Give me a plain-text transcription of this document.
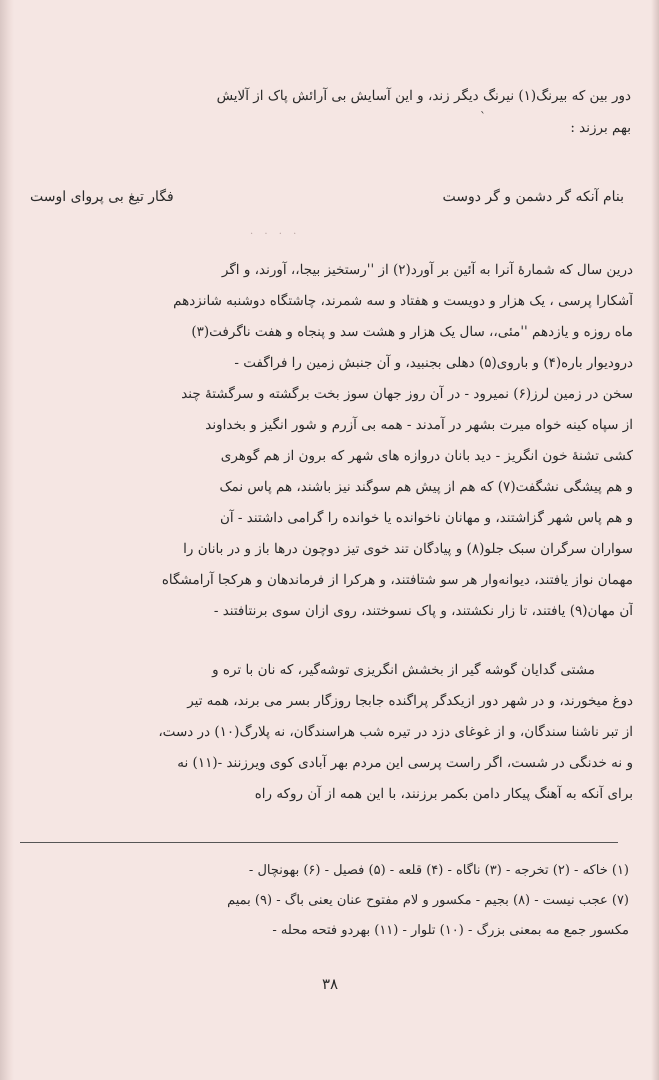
دور بین که بیرنگ(۱) نیرنگ دیگر زند، و این آسایش بی آرائش پاک از آلایش
بهم برزند :
`
بنام آنکه گر دشمن و گر دوست
فگار تیغ بی پروای اوست
. . . .
درین سال که شمارهٔ آنرا به آئین بر آورد(۲) از ''رستخیز بیجا،، آورند، و اگر
آشکارا پرسی ، یک هزار و دویست و هفتاد و سه شمرند، چاشتگاه دوشنبه شانزدهم
ماه روزه و یازدهم ''مئی،، سال یک هزار و هشت سد و پنجاه و هفت ناگرفت(۳)
درودیوار باره(۴) و باروی(۵) دهلی بجنبید، و آن جنبش زمین را فراگفت -
سخن در زمین لرز(۶) نمیرود - در آن روز جهان سوز بخت برگشته و سرگشتهٔ چند
از سپاه کینه خواه میرت بشهر در آمدند - همه بی آزرم و شور انگیز و بخداوند
کشی تشنهٔ خون انگریز - دید بانان دروازه های شهر که برون از هم گوهری
و هم پیشگی نشگفت(۷) که هم از پیش هم سوگند نیز باشند، هم پاس نمک
و هم پاس شهر گزاشتند، و مهانان ناخوانده یا خوانده را گرامی داشتند - آن
سواران سرگران سبک جلو(۸) و پیادگان تند خوی تیز دوچون درها باز و در بانان را
مهمان نواز یافتند، دیوانه‌وار هر سو شتافتند، و هرکرا از فرماندهان و هرکجا آرامشگاه
آن مهان(۹) یافتند، تا زار نکشتند، و پاک نسوختند، روی ازان سوی برنتافتند -
مشتی گدایان گوشه گیر از بخشش انگریزی توشه‌گیر، که نان با تره و
دوغ میخورند، و در شهر دور ازیکدگر پراگنده جابجا روزگار بسر می برند، همه تیر
از تبر ناشنا سندگان، و از غوغای دزد در تیره شب هراسندگان، نه پلارگ(۱۰) در دست،
و نه خدنگی در شست، اگر راست پرسی این مردم بهر آبادی کوی ویرزنند -(۱۱) نه
برای آنکه به آهنگ پیکار دامن بکمر برزنند، با این همه از آن روکه راه
(۱) خاکه - (۲) تخرجه - (۳) ناگاه - (۴) قلعه - (۵) فصیل - (۶) بهونچال -
(۷) عجب نیست - (۸) بجیم - مکسور و لام مفتوح عنان یعنی باگ - (۹) بمیم
مکسور جمع مه بمعنی بزرگ - (۱۰) تلوار - (۱۱) بهردو فتحه محله -
۳۸
